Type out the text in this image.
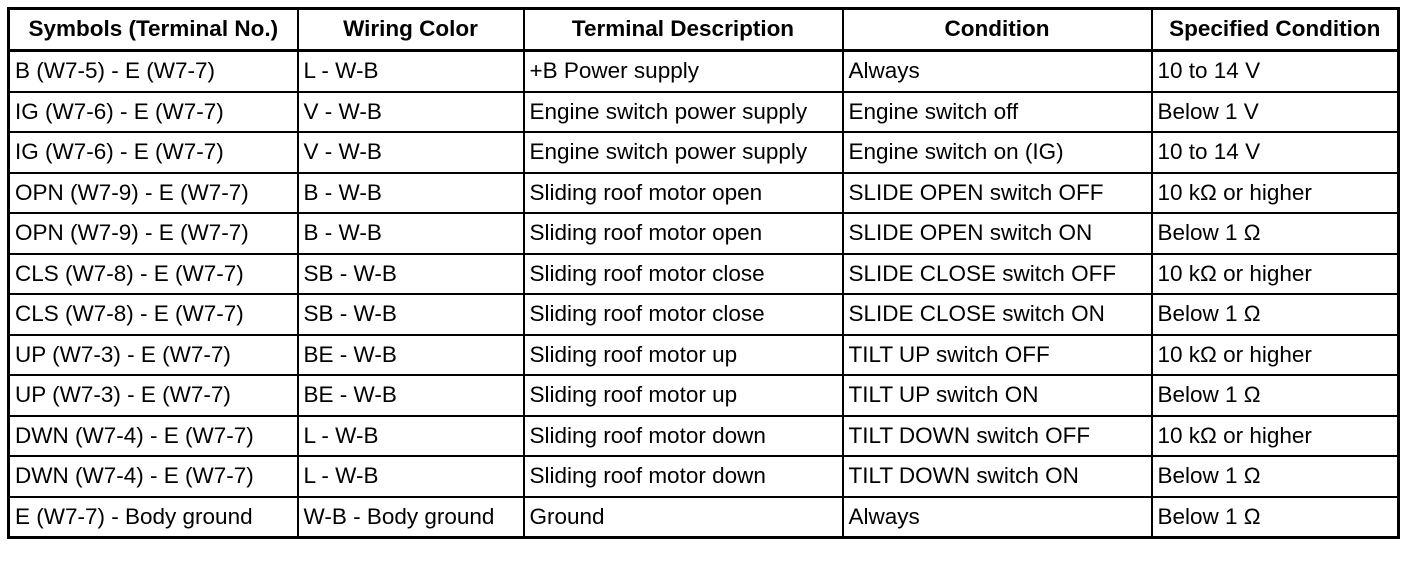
Symbols (Terminal No.)	Wiring Color	Terminal Description	Condition	Specified Condition
B (W7-5) - E (W7-7)	L - W-B	+B Power supply	Always	10 to 14 V
IG (W7-6) - E (W7-7)	V - W-B	Engine switch power supply	Engine switch off	Below 1 V
IG (W7-6) - E (W7-7)	V - W-B	Engine switch power supply	Engine switch on (IG)	10 to 14 V
OPN (W7-9) - E (W7-7)	B - W-B	Sliding roof motor open	SLIDE OPEN switch OFF	10 kΩ or higher
OPN (W7-9) - E (W7-7)	B - W-B	Sliding roof motor open	SLIDE OPEN switch ON	Below 1 Ω
CLS (W7-8) - E (W7-7)	SB - W-B	Sliding roof motor close	SLIDE CLOSE switch OFF	10 kΩ or higher
CLS (W7-8) - E (W7-7)	SB - W-B	Sliding roof motor close	SLIDE CLOSE switch ON	Below 1 Ω
UP (W7-3) - E (W7-7)	BE - W-B	Sliding roof motor up	TILT UP switch OFF	10 kΩ or higher
UP (W7-3) - E (W7-7)	BE - W-B	Sliding roof motor up	TILT UP switch ON	Below 1 Ω
DWN (W7-4) - E (W7-7)	L - W-B	Sliding roof motor down	TILT DOWN switch OFF	10 kΩ or higher
DWN (W7-4) - E (W7-7)	L - W-B	Sliding roof motor down	TILT DOWN switch ON	Below 1 Ω
E (W7-7) - Body ground	W-B - Body ground	Ground	Always	Below 1 Ω
